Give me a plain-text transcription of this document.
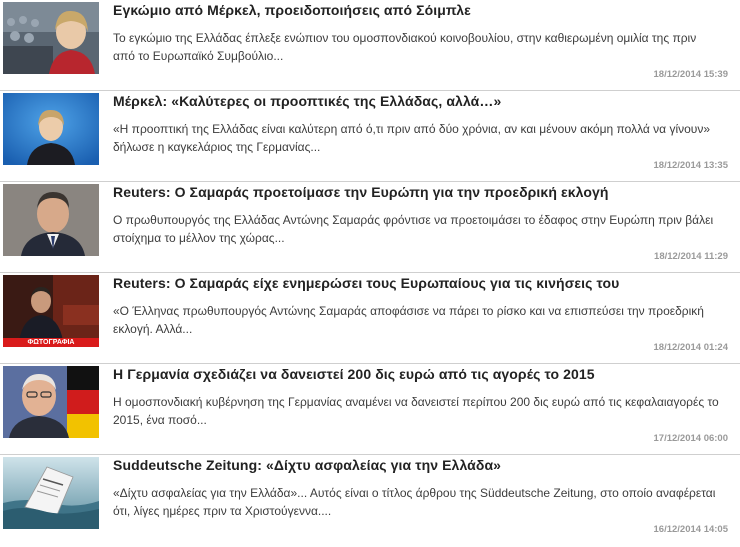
Εγκώμιο από Μέρκελ, προειδοποιήσεις από Σόιμπλε
Το εγκώμιο της Ελλάδας έπλεξε ενώπιον του ομοσπονδιακού κοινοβουλίου, στην καθιερωμένη ομιλία της πριν από το Ευρωπαϊκό Συμβούλιο...
18/12/2014 15:39
Μέρκελ: «Καλύτερες οι προοπτικές της Ελλάδας, αλλά…»
«Η προοπτική της Ελλάδας είναι καλύτερη από ό,τι πριν από δύο χρόνια, αν και μένουν ακόμη πολλά να γίνουν» δήλωσε η καγκελάριος της Γερμανίας...
18/12/2014 13:35
Reuters: Ο Σαμαράς προετοίμασε την Ευρώπη για την προεδρική εκλογή
Ο πρωθυπουργός της Ελλάδας Αντώνης Σαμαράς φρόντισε να προετοιμάσει το έδαφος στην Ευρώπη πριν βάλει στοίχημα το μέλλον της χώρας...
18/12/2014 11:29
ΦΩΤΟΓΡΑΦΙΑ
Reuters: Ο Σαμαράς είχε ενημερώσει τους Ευρωπαίους για τις κινήσεις του
«Ο Έλληνας πρωθυπουργός Αντώνης Σαμαράς αποφάσισε να πάρει το ρίσκο και να επισπεύσει την προεδρική εκλογή. Αλλά...
18/12/2014 01:24
Η Γερμανία σχεδιάζει να δανειστεί 200 δις ευρώ από τις αγορές το 2015
Η ομοσπονδιακή κυβέρνηση της Γερμανίας αναμένει να δανειστεί περίπου 200 δις ευρώ από τις κεφαλαιαγορές το 2015, ένα ποσό...
17/12/2014 06:00
Suddeutsche Zeitung: «Δίχτυ ασφαλείας για την Ελλάδα»
«Δίχτυ ασφαλείας για την Ελλάδα»... Αυτός είναι ο τίτλος άρθρου της Süddeutsche Zeitung, στο οποίο αναφέρεται ότι, λίγες ημέρες πριν τα Χριστούγεννα....
16/12/2014 14:05
